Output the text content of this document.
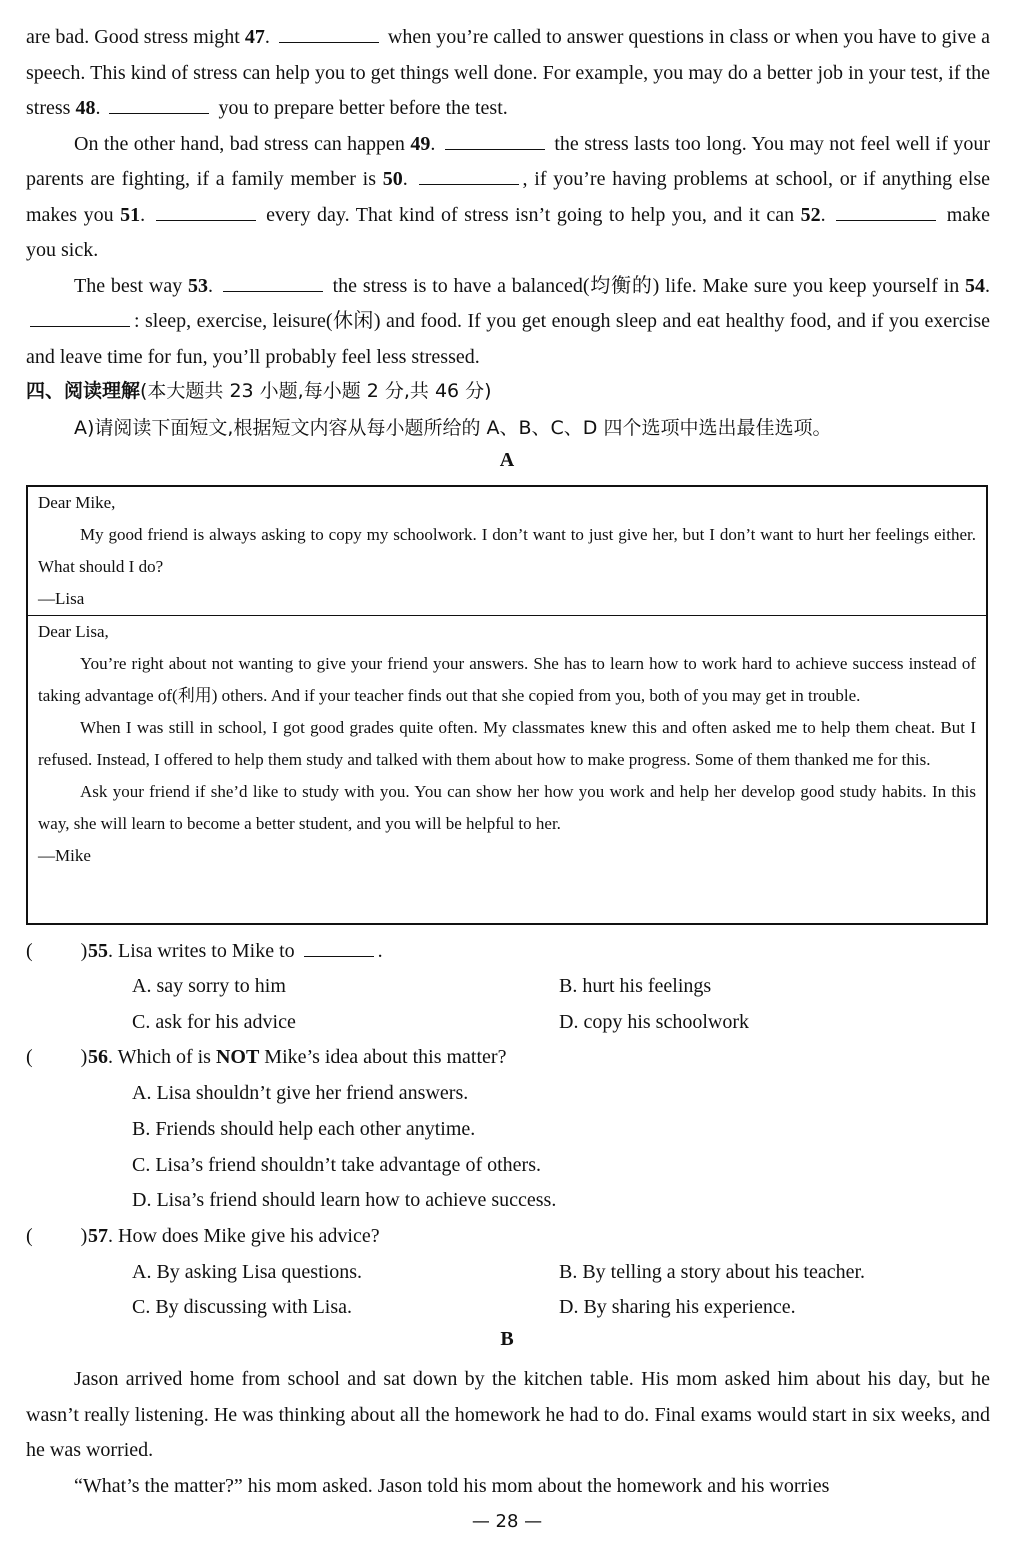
are bad. Good stress might 47.	when you’re called to answer questions in class or when you have to give a speech. This kind of stress can help you to get things well done. For example, you may do a better job in your test, if the stress 48.	you to prepare better before the test.

On the other hand, bad stress can happen 49.	the stress lasts too long. You may not feel well if your parents are fighting, if a family member is 50.	, if you’re having problems at school, or if anything else makes you 51.	every day. That kind of stress isn’t going to help you, and it can 52.	make you sick.

The best way 53.	the stress is to have a balanced(均衡的) life. Make sure you keep yourself in 54. : sleep, exercise, leisure(休闲) and food. If you get enough sleep and eat healthy food, and if you exercise and leave time for fun, you’ll probably feel less stressed.

四、阅读理解(本大题共 23 小题,每小题 2 分,共 46 分)
A)请阅读下面短文,根据短文内容从每小题所给的 A、B、C、D 四个选项中选出最佳选项。
A

Dear Mike,

My good friend is always asking to copy my schoolwork. I don’t want to just give her, but I don’t want to hurt her feelings either. What should I do?

—Lisa

Dear Lisa,

You’re right about not wanting to give your friend your answers. She has to learn how to work hard to achieve success instead of taking advantage of(利用) others. And if your teacher finds out that she copied from you, both of you may get in trouble.

When I was still in school, I got good grades quite often. My classmates knew this and often asked me to help them cheat. But I refused. Instead, I offered to help them study and talked with them about how to make progress. Some of them thanked me for this.

Ask your friend if she’d like to study with you. You can show her how you work and help her develop good study habits. In this way, she will learn to become a better student, and you will be helpful to her.

—Mike

( )55. Lisa writes to Mike to	.
A. say sorry to him	B. hurt his feelings
C. ask for his advice	D. copy his schoolwork
( )56. Which of is NOT Mike’s idea about this matter?
A. Lisa shouldn’t give her friend answers.
B. Friends should help each other anytime.
C. Lisa’s friend shouldn’t take advantage of others.
D. Lisa’s friend should learn how to achieve success.
( )57. How does Mike give his advice?
A. By asking Lisa questions.	B. By telling a story about his teacher.
C. By discussing with Lisa.	D. By sharing his experience.
B

Jason arrived home from school and sat down by the kitchen table. His mom asked him about his day, but he wasn’t really listening. He was thinking about all the homework he had to do. Final exams would start in six weeks, and he was worried.

“What’s the matter?” his mom asked. Jason told his mom about the homework and his worries

— 28 —
